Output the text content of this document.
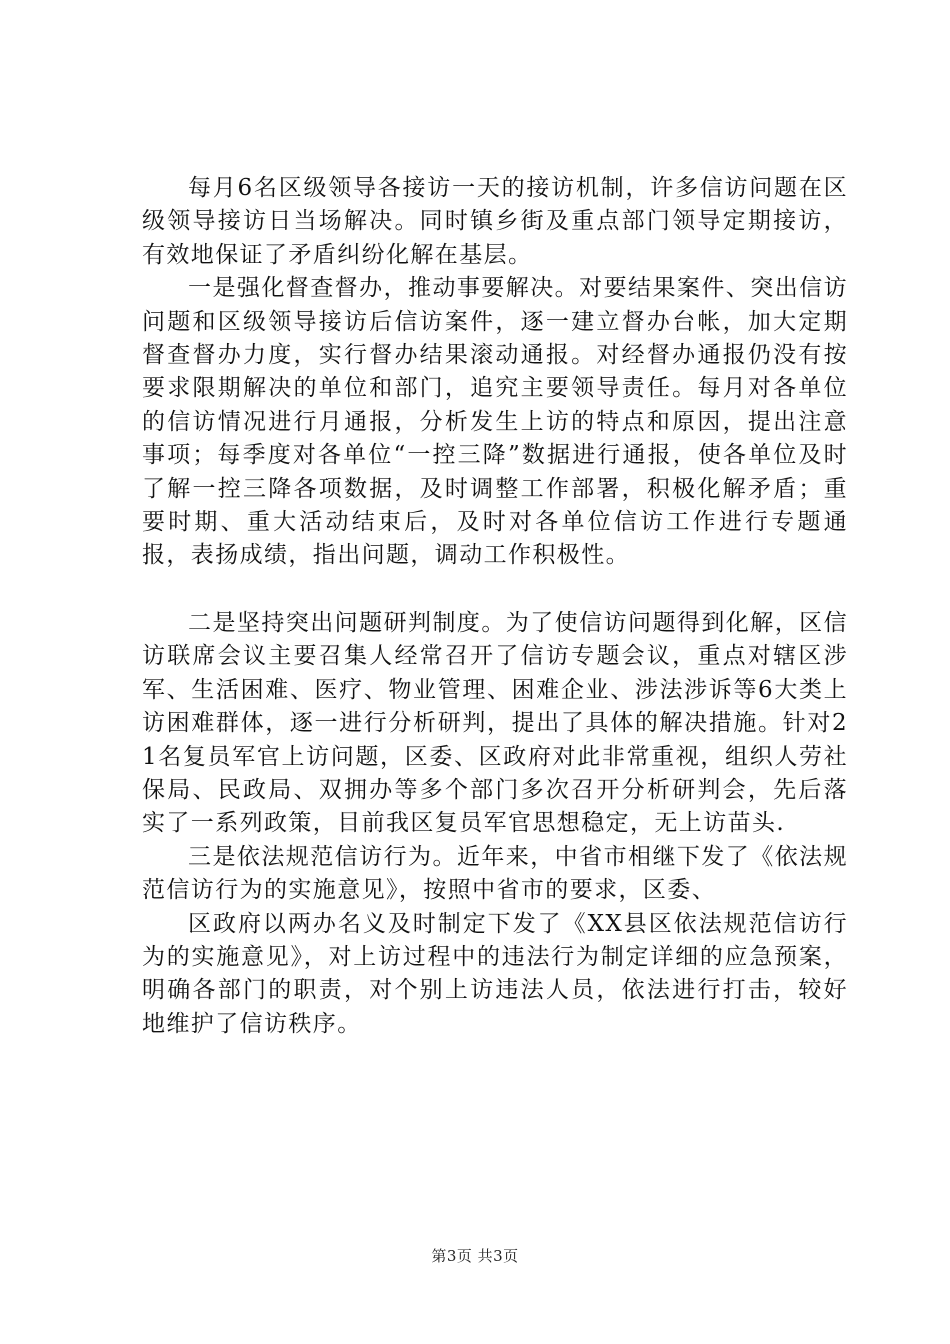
每月6名区级领导各接访一天的接访机制，许多信访问题在区级领导接访日当场解决。同时镇乡街及重点部门领导定期接访，有效地保证了矛盾纠纷化解在基层。

一是强化督查督办，推动事要解决。对要结果案件、突出信访问题和区级领导接访后信访案件，逐一建立督办台帐，加大定期督查督办力度，实行督办结果滚动通报。对经督办通报仍没有按要求限期解决的单位和部门，追究主要领导责任。每月对各单位的信访情况进行月通报，分析发生上访的特点和原因，提出注意事项；每季度对各单位“一控三降”数据进行通报，使各单位及时了解一控三降各项数据，及时调整工作部署，积极化解矛盾；重要时期、重大活动结束后，及时对各单位信访工作进行专题通报，表扬成绩，指出问题，调动工作积极性。

二是坚持突出问题研判制度。为了使信访问题得到化解，区信访联席会议主要召集人经常召开了信访专题会议，重点对辖区涉军、生活困难、医疗、物业管理、困难企业、涉法涉诉等6大类上访困难群体，逐一进行分析研判，提出了具体的解决措施。针对21名复员军官上访问题，区委、区政府对此非常重视，组织人劳社保局、民政局、双拥办等多个部门多次召开分析研判会，先后落实了一系列政策，目前我区复员军官思想稳定，无上访苗头.

三是依法规范信访行为。近年来，中省市相继下发了《依法规范信访行为的实施意见》，按照中省市的要求，区委、

区政府以两办名义及时制定下发了《XX县区依法规范信访行为的实施意见》，对上访过程中的违法行为制定详细的应急预案，明确各部门的职责，对个别上访违法人员，依法进行打击，较好地维护了信访秩序。

第3页 共3页
